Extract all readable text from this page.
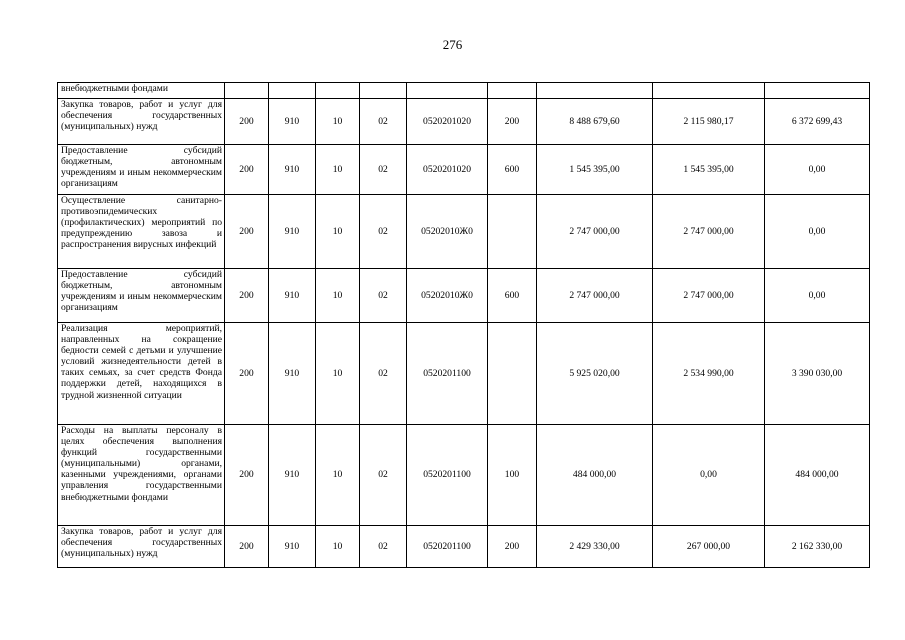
276
внебюджетными фондами									
Закупка товаров, работ и услуг для обеспечения государственных (муниципальных) нужд	200	910	10	02	0520201020	200	8 488 679,60	2 115 980,17	6 372 699,43
Предоставление субсидий бюджетным, автономным учреждениям и иным некоммерческим организациям	200	910	10	02	0520201020	600	1 545 395,00	1 545 395,00	0,00
Осуществление санитарно-противоэпидемических (профилактических) мероприятий по предупреждению завоза и распространения вирусных инфекций	200	910	10	02	05202010Ж0		2 747 000,00	2 747 000,00	0,00
Предоставление субсидий бюджетным, автономным учреждениям и иным некоммерческим организациям	200	910	10	02	05202010Ж0	600	2 747 000,00	2 747 000,00	0,00
Реализация мероприятий, направленных на сокращение бедности семей с детьми и улучшение условий жизнедеятельности детей в таких семьях, за счет средств Фонда поддержки детей, находящихся в трудной жизненной ситуации	200	910	10	02	0520201100		5 925 020,00	2 534 990,00	3 390 030,00
Расходы на выплаты персоналу в целях обеспечения выполнения функций государственными (муниципальными) органами, казенными учреждениями, органами управления государственными внебюджетными фондами	200	910	10	02	0520201100	100	484 000,00	0,00	484 000,00
Закупка товаров, работ и услуг для обеспечения государственных (муниципальных) нужд	200	910	10	02	0520201100	200	2 429 330,00	267 000,00	2 162 330,00
